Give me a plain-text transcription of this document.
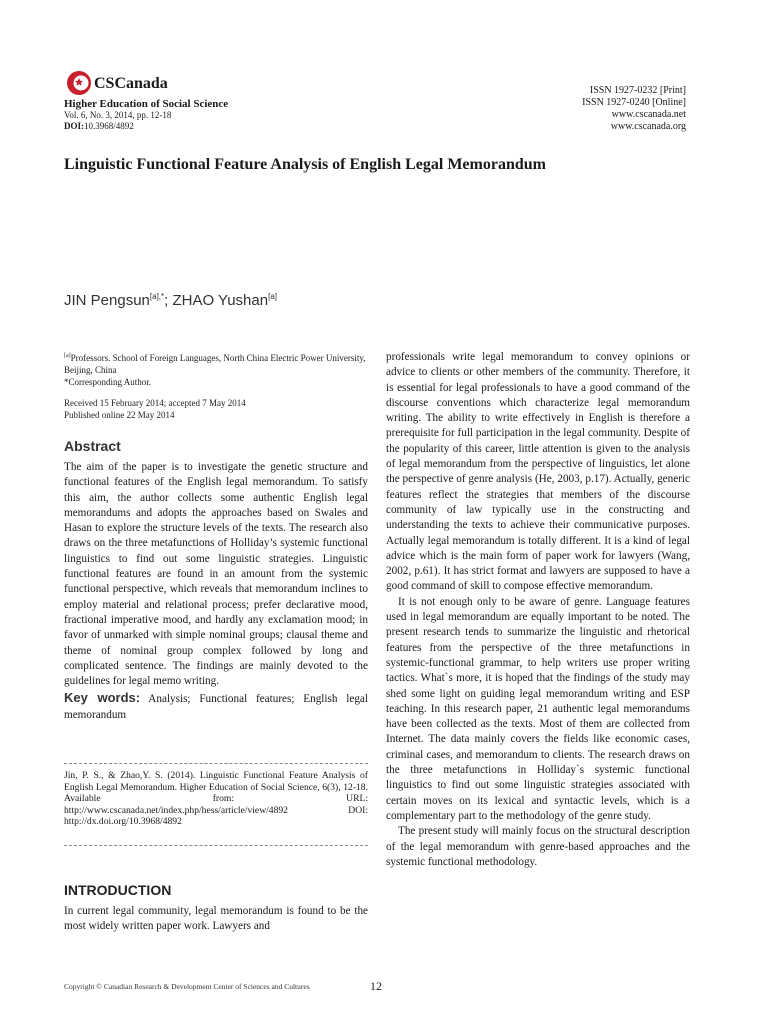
CSCanada
Higher Education of Social Science
Vol. 6, No. 3, 2014, pp. 12-18
DOI:10.3968/4892
ISSN 1927-0232 [Print]
ISSN 1927-0240 [Online]
www.cscanada.net
www.cscanada.org
Linguistic Functional Feature Analysis of English Legal Memorandum
JIN Pengsun$^{[a],*}$; ZHAO Yushan[a]
[a]Professors. School of Foreign Languages, North China Electric Power University, Beijing, China
*Corresponding Author.
Received 15 February 2014; accepted 7 May 2014
Published online 22 May 2014
Abstract

The aim of the paper is to investigate the genetic structure and functional features of the English legal memorandum. To satisfy this aim, the author collects some authentic English legal memorandums and adopts the approaches based on Swales and Hasan to explore the structure levels of the texts. The research also draws on the three metafunctions of Holliday’s systemic functional linguistics to find out some linguistic strategies. Linguistic functional features are found in an amount from the systemic functional perspective, which reveals that memorandum inclines to employ material and relational process; prefer declarative mood, fractional imperative mood, and hardly any exclamation mood; in favor of unmarked with simple nominal groups; clausal theme and theme of nominal group complex followed by long and complicated sentence. The findings are mainly devoted to the guidelines for legal memo writing.

Key words: Analysis; Functional features; English legal memorandum

Jin, P. S., & Zhao,Y. S. (2014). Linguistic Functional Feature Analysis of English Legal Memorandum. Higher Education of Social Science, 6(3), 12-18. Available from: URL: http://www.cscanada.net/index.php/hess/article/view/4892 DOI: http://dx.doi.org/10.3968/4892
INTRODUCTION

In current legal community, legal memorandum is found to be the most widely written paper work. Lawyers and

professionals write legal memorandum to convey opinions or advice to clients or other members of the community. Therefore, it is essential for legal professionals to have a good command of the discourse conventions which characterize legal memorandum writing. The ability to write effectively in English is therefore a prerequisite for full participation in the legal community. Despite of the popularity of this career, little attention is given to the analysis of legal memorandum from the perspective of linguistics, let alone the perspective of genre analysis (He, 2003, p.17). Actually, generic features reflect the strategies that members of the discourse community of law typically use in the constructing and understanding the texts to achieve their communicative purposes. Actually legal memorandum is totally different. It is a kind of legal advice which is the main form of paper work for lawyers (Wang, 2002, p.61). It has strict format and lawyers are supposed to have a good command of skill to compose effective memorandum.

It is not enough only to be aware of genre. Language features used in legal memorandum are equally important to be noted. The present research tends to summarize the linguistic and rhetorical features from the perspective of the three metafunctions in systemic-functional grammar, to help writers use proper writing tactics. What`s more, it is hoped that the findings of the study may shed some light on guiding legal memorandum writing and ESP teaching. In this research paper, 21 authentic legal memorandums have been collected as the texts. Most of them are collected from Internet. The data mainly covers the fields like economic cases, criminal cases, and memorandum to clients. The research draws on the three metafunctions in Holliday`s systemic functional linguistics to find out some linguistic strategies associated with certain moves on its lexical and syntactic levels, which is a complementary part to the methodology of the genre study.

The present study will mainly focus on the structural description of the legal memorandum with genre-based approaches and the systemic functional methodology.

Copyright © Canadian Research & Development Center of Sciences and Cultures	12
